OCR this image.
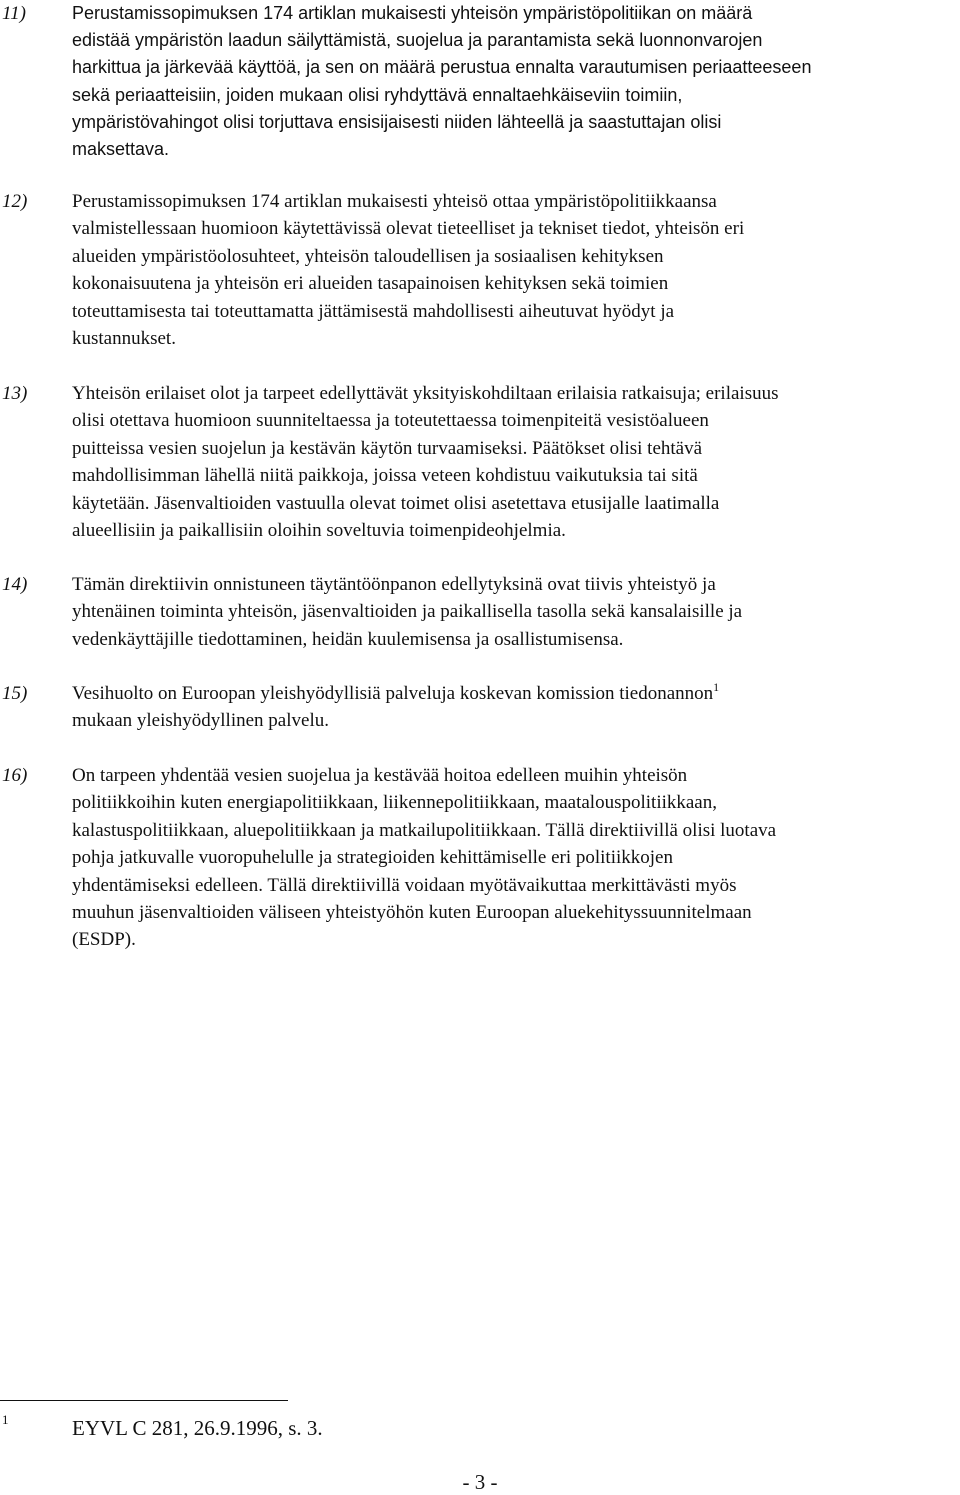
11)	Perustamissopimuksen 174 artiklan mukaisesti yhteisön ympäristöpolitiikan on määrä
edistää ympäristön laadun säilyttämistä, suojelua ja parantamista sekä luonnonvarojen
harkittua ja järkevää käyttöä, ja sen on määrä perustua ennalta varautumisen periaatteeseen
sekä periaatteisiin, joiden mukaan olisi ryhdyttävä ennaltaehkäiseviin toimiin,
ympäristövahingot olisi torjuttava ensisijaisesti niiden lähteellä ja saastuttajan olisi
maksettava.
12) Perustamissopimuksen 174 artiklan mukaisesti yhteisö ottaa ympäristöpolitiikkaansa
valmistellessaan huomioon käytettävissä olevat tieteelliset ja tekniset tiedot, yhteisön eri
alueiden ympäristöolosuhteet, yhteisön taloudellisen ja sosiaalisen kehityksen
kokonaisuutena ja yhteisön eri alueiden tasapainoisen kehityksen sekä toimien
toteuttamisesta tai toteuttamatta jättämisestä mahdollisesti aiheutuvat hyödyt ja
kustannukset.
13) Yhteisön erilaiset olot ja tarpeet edellyttävät yksityiskohdiltaan erilaisia ratkaisuja; erilaisuus
olisi otettava huomioon suunniteltaessa ja toteutettaessa toimenpiteitä vesistöalueen
puitteissa vesien suojelun ja kestävän käytön turvaamiseksi. Päätökset olisi tehtävä
mahdollisimman lähellä niitä paikkoja, joissa veteen kohdistuu vaikutuksia tai sitä
käytetään. Jäsenvaltioiden vastuulla olevat toimet olisi asetettava etusijalle laatimalla
alueellisiin ja paikallisiin oloihin soveltuvia toimenpideohjelmia.
14) Tämän direktiivin onnistuneen täytäntöönpanon edellytyksinä ovat tiivis yhteistyö ja
yhtenäinen toiminta yhteisön, jäsenvaltioiden ja paikallisella tasolla sekä kansalaisille ja
vedenkäyttäjille tiedottaminen, heidän kuulemisensa ja osallistumisensa.
15) Vesihuolto on Euroopan yleishyödyllisiä palveluja koskevan komission tiedonannon$^1$
mukaan yleishyödyllinen palvelu.
16) On tarpeen yhdentää vesien suojelua ja kestävää hoitoa edelleen muihin yhteisön
politiikkoihin kuten energiapolitiikkaan, liikennepolitiikkaan, maatalouspolitiikkaan,
kalastuspolitiikkaan, aluepolitiikkaan ja matkailupolitiikkaan. Tällä direktiivillä olisi luotava
pohja jatkuvalle vuoropuhelulle ja strategioiden kehittämiselle eri politiikkojen
yhdentämiseksi edelleen. Tällä direktiivillä voidaan myötävaikuttaa merkittävästi myös
muuhun jäsenvaltioiden väliseen yhteistyöhön kuten Euroopan aluekehityssuunnitelmaan
(ESDP).
1	EYVL C 281, 26.9.1996, s. 3.
- 3 -
